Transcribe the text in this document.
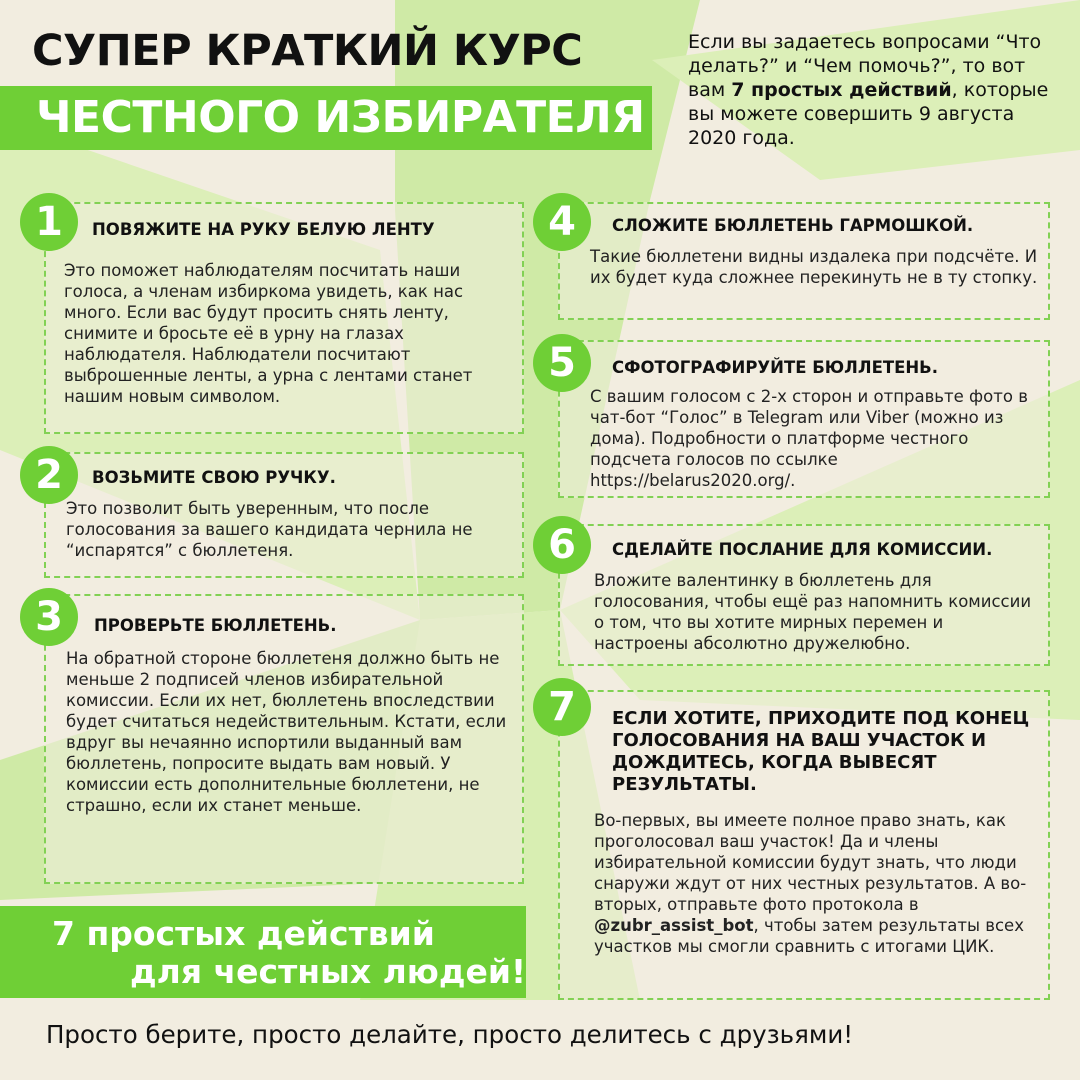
СУПЕР КРАТКИЙ КУРС
ЧЕСТНОГО ИЗБИРАТЕЛЯ
Если вы задаетесь вопросами “Что делать?” и “Чем помочь?”, то вот вам 7 простых действий, которые вы можете совершить 9 августа 2020 года.
1	ПОВЯЖИТЕ НА РУКУ БЕЛУЮ ЛЕНТУ
Это поможет наблюдателям посчитать наши голоса, а членам избиркома увидеть, как нас много. Если вас будут просить снять ленту, снимите и бросьте её в урну на глазах наблюдателя. Наблюдатели посчитают выброшенные ленты, а урна с лентами станет нашим новым символом.
2	ВОЗЬМИТЕ СВОЮ РУЧКУ.
Это позволит быть уверенным, что после голосования за вашего кандидата чернила не “испарятся” с бюллетеня.
3	ПРОВЕРЬТЕ БЮЛЛЕТЕНЬ.
На обратной стороне бюллетеня должно быть не меньше 2 подписей членов избирательной комиссии. Если их нет, бюллетень впоследствии будет считаться недействительным. Кстати, если вдруг вы нечаянно испортили выданный вам бюллетень, попросите выдать вам новый. У комиссии есть дополнительные бюллетени, не страшно, если их станет меньше.
4	СЛОЖИТЕ БЮЛЛЕТЕНЬ ГАРМОШКОЙ.
Такие бюллетени видны издалека при подсчёте. И их будет куда сложнее перекинуть не в ту стопку.
5	СФОТОГРАФИРУЙТЕ БЮЛЛЕТЕНЬ.
С вашим голосом с 2-х сторон и отправьте фото в чат-бот “Голос” в Telegram или Viber (можно из дома). Подробности о платформе честного подсчета голосов по ссылке https://belarus2020.org/.
6	СДЕЛАЙТЕ ПОСЛАНИЕ ДЛЯ КОМИССИИ.
Вложите валентинку в бюллетень для голосования, чтобы ещё раз напомнить комиссии о том, что вы хотите мирных перемен и настроены абсолютно дружелюбно.
7	ЕСЛИ ХОТИТЕ, ПРИХОДИТЕ ПОД КОНЕЦ ГОЛОСОВАНИЯ НА ВАШ УЧАСТОК И ДОЖДИТЕСЬ, КОГДА ВЫВЕСЯТ РЕЗУЛЬТАТЫ.
Во-первых, вы имеете полное право знать, как проголосовал ваш участок! Да и члены избирательной комиссии будут знать, что люди снаружи ждут от них честных результатов. А во-вторых, отправьте фото протокола в @zubr_assist_bot, чтобы затем результаты всех участков мы смогли сравнить с итогами ЦИК.
7 простых действий
для честных людей!
Просто берите, просто делайте, просто делитесь с друзьями!
